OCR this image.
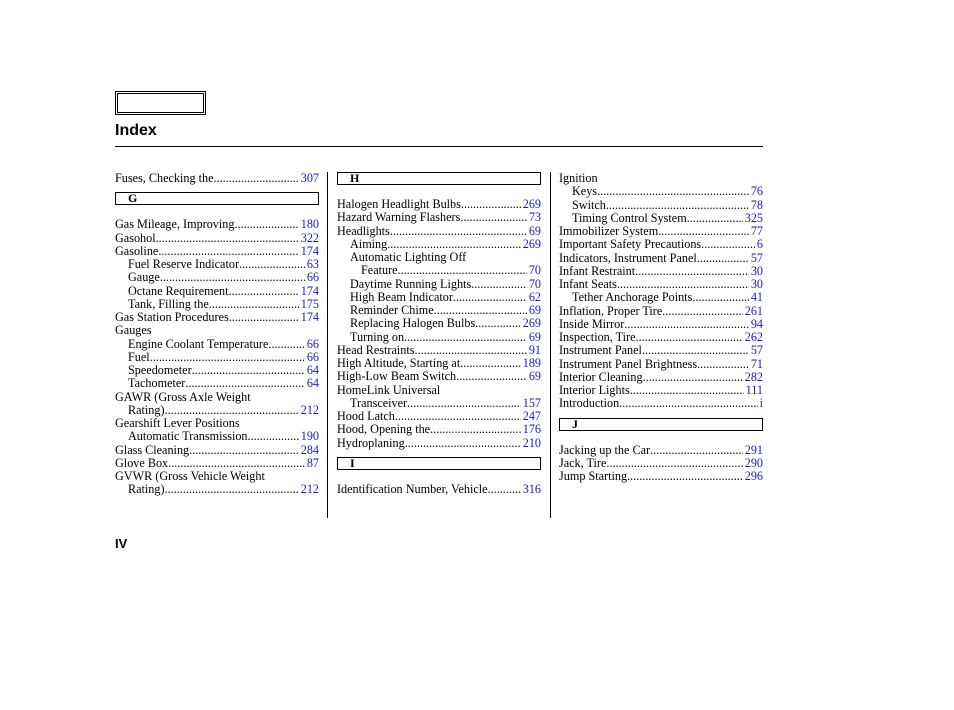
Index
Fuses, Checking the .....	307
G
Gas Mileage, Improving .....	180
Gasohol .....	322
Gasoline .....	174
Fuel Reserve Indicator .....	63
Gauge .....	66
Octane Requirement .....	174
Tank, Filling the .....	175
Gas Station Procedures .....	174
Gauges
Engine Coolant Temperature .....	66
Fuel .....	66
Speedometer .....	64
Tachometer .....	64
GAWR (Gross Axle Weight
Rating) .....	212
Gearshift Lever Positions
Automatic Transmission .....	190
Glass Cleaning .....	284
Glove Box .....	87
GVWR (Gross Vehicle Weight
Rating) .....	212
H
Halogen Headlight Bulbs .....	269
Hazard Warning Flashers .....	73
Headlights .....	69
Aiming .....	269
Automatic Lighting Off
Feature .....	70
Daytime Running Lights .....	70
High Beam Indicator .....	62
Reminder Chime .....	69
Replacing Halogen Bulbs .....	269
Turning on .....	69
Head Restraints .....	91
High Altitude, Starting at .....	189
High-Low Beam Switch .....	69
HomeLink Universal
Transceiver .....	157
Hood Latch .....	247
Hood, Opening the .....	176
Hydroplaning .....	210
I
Identification Number, Vehicle .....	316
Ignition
Keys .....	76
Switch .....	78
Timing Control System .....	325
Immobilizer System .....	77
Important Safety Precautions .....	6
Indicators, Instrument Panel .....	57
Infant Restraint .....	30
Infant Seats .....	30
Tether Anchorage Points .....	41
Inflation, Proper Tire .....	261
Inside Mirror .....	94
Inspection, Tire .....	262
Instrument Panel .....	57
Instrument Panel Brightness .....	71
Interior Cleaning .....	282
Interior Lights .....	111
Introduction .....	i
J
Jacking up the Car .....	291
Jack, Tire .....	290
Jump Starting .....	296
IV
